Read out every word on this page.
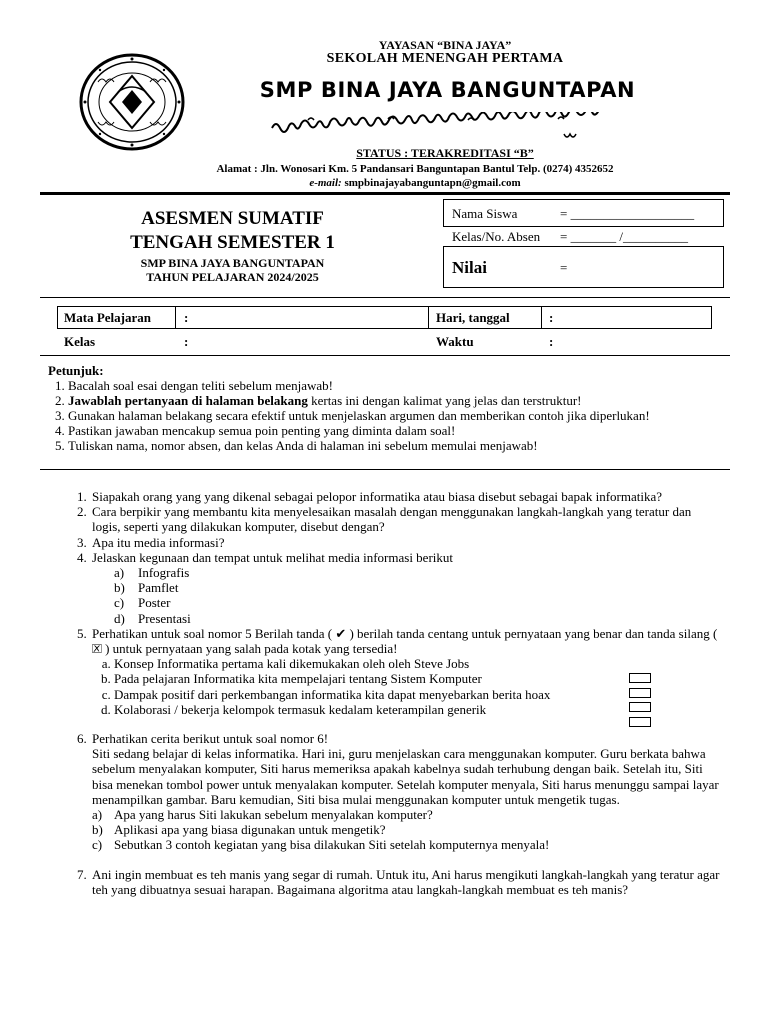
YAYASAN “BINA JAYA”
SEKOLAH MENENGAH PERTAMA
SMP BINA JAYA BANGUNTAPAN
STATUS : TERAKREDITASI “B”
Alamat : Jln. Wonosari Km. 5 Pandansari Banguntapan Bantul Telp. (0274) 4352652
e-mail: smpbinajayabanguntapn@gmail.com
ASESMEN SUMATIF
TENGAH SEMESTER 1
SMP BINA JAYA BANGUNTAPAN
TAHUN PELAJARAN 2024/2025
Nama Siswa	= ___________________
Kelas/No. Absen = _______ /__________
Nilai	=
Mata Pelajaran	:	Hari, tanggal	:
Kelas	:	Waktu	:
Petunjuk:
1. Bacalah soal esai dengan teliti sebelum menjawab!
2. Jawablah pertanyaan di halaman belakang kertas ini dengan kalimat yang jelas dan terstruktur!
3. Gunakan halaman belakang secara efektif untuk menjelaskan argumen dan memberikan contoh jika diperlukan!
4. Pastikan jawaban mencakup semua poin penting yang diminta dalam soal!
5. Tuliskan nama, nomor absen, dan kelas Anda di halaman ini sebelum memulai menjawab!
1. Siapakah orang yang yang dikenal sebagai pelopor informatika atau biasa disebut sebagai bapak informatika?
2. Cara berpikir yang membantu kita menyelesaikan masalah dengan menggunakan langkah-langkah yang teratur dan logis, seperti yang dilakukan komputer, disebut dengan?
3. Apa itu media informasi?
4. Jelaskan kegunaan dan tempat untuk melihat media informasi berikut
a) Infografis
b) Pamflet
c) Poster
d) Presentasi
5. Perhatikan untuk soal nomor 5 Berilah tanda ( ✔ ) berilah tanda centang untuk pernyataan yang benar dan tanda silang ( 🗵 ) untuk pernyataan yang salah pada kotak yang tersedia!
a. Konsep Informatika pertama kali dikemukakan oleh oleh Steve Jobs
b. Pada pelajaran Informatika kita mempelajari tentang Sistem Komputer
c. Dampak positif dari perkembangan informatika kita dapat menyebarkan berita hoax
d. Kolaborasi / bekerja kelompok termasuk kedalam keterampilan generik
6. Perhatikan cerita berikut untuk soal nomor 6!
Siti sedang belajar di kelas informatika. Hari ini, guru menjelaskan cara menggunakan komputer. Guru berkata bahwa sebelum menyalakan komputer, Siti harus memeriksa apakah kabelnya sudah terhubung dengan baik. Setelah itu, Siti bisa menekan tombol power untuk menyalakan komputer. Setelah komputer menyala, Siti harus menunggu sampai layar menampilkan gambar. Baru kemudian, Siti bisa mulai menggunakan komputer untuk mengetik tugas.
a) Apa yang harus Siti lakukan sebelum menyalakan komputer?
b) Aplikasi apa yang biasa digunakan untuk mengetik?
c) Sebutkan 3 contoh kegiatan yang bisa dilakukan Siti setelah komputernya menyala!
7. Ani ingin membuat es teh manis yang segar di rumah. Untuk itu, Ani harus mengikuti langkah-langkah yang teratur agar teh yang dibuatnya sesuai harapan. Bagaimana algoritma atau langkah-langkah membuat es teh manis?
